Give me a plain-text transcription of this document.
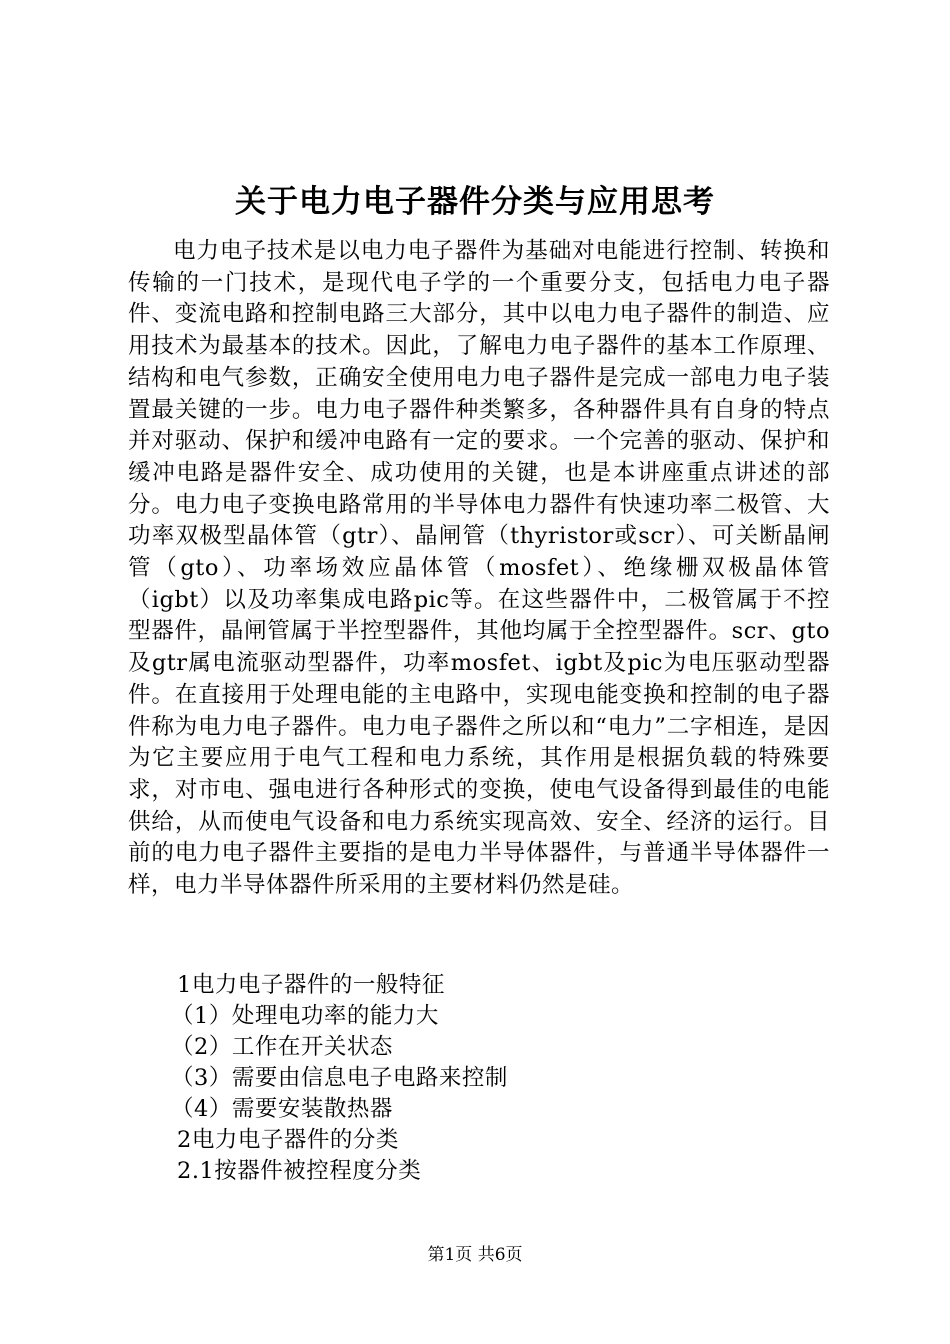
关于电力电子器件分类与应用思考

电力电子技术是以电力电子器件为基础对电能进行控制、转换和传输的一门技术，是现代电子学的一个重要分支，包括电力电子器件、变流电路和控制电路三大部分，其中以电力电子器件的制造、应用技术为最基本的技术。因此，了解电力电子器件的基本工作原理、结构和电气参数，正确安全使用电力电子器件是完成一部电力电子装置最关键的一步。电力电子器件种类繁多，各种器件具有自身的特点并对驱动、保护和缓冲电路有一定的要求。一个完善的驱动、保护和缓冲电路是器件安全、成功使用的关键，也是本讲座重点讲述的部分。电力电子变换电路常用的半导体电力器件有快速功率二极管、大功率双极型晶体管（gtr）、晶闸管（thyristor或scr）、可关断晶闸管（gto）、功率场效应晶体管（mosfet）、绝缘栅双极晶体管（igbt）以及功率集成电路pic等。在这些器件中，二极管属于不控型器件，晶闸管属于半控型器件，其他均属于全控型器件。scr、gto及gtr属电流驱动型器件，功率mosfet、igbt及pic为电压驱动型器件。在直接用于处理电能的主电路中，实现电能变换和控制的电子器件称为电力电子器件。电力电子器件之所以和“电力”二字相连，是因为它主要应用于电气工程和电力系统，其作用是根据负载的特殊要求，对市电、强电进行各种形式的变换，使电气设备得到最佳的电能供给，从而使电气设备和电力系统实现高效、安全、经济的运行。目前的电力电子器件主要指的是电力半导体器件，与普通半导体器件一样，电力半导体器件所采用的主要材料仍然是硅。

1电力电子器件的一般特征
（1）处理电功率的能力大
（2）工作在开关状态
（3）需要由信息电子电路来控制
（4）需要安装散热器
2电力电子器件的分类
2.1按器件被控程度分类
第1页 共6页
